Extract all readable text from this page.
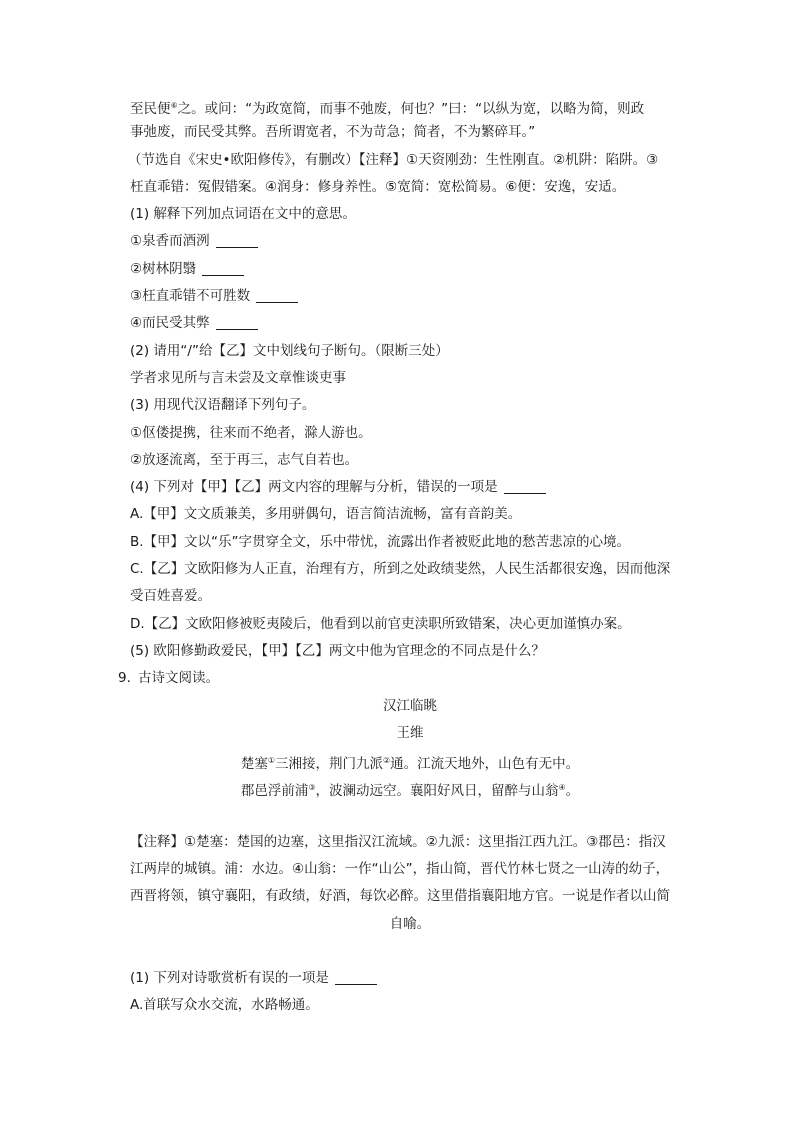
至民便⑥之。或问：“为政宽简，而事不弛废，何也？”曰：“以纵为宽，以略为简，则政
事弛废，而民受其弊。吾所谓宽者，不为苛急；简者，不为繁碎耳。”
（节选自《宋史•欧阳修传》，有删改）【注释】①天资刚劲：生性刚直。②机阱：陷阱。③
枉直乖错：冤假错案。④润身：修身养性。⑤宽简：宽松简易。⑥便：安逸，安适。
(1) 解释下列加点词语在文中的意思。
①泉香而酒洌
②树林阴翳
③枉直乖错不可胜数
④而民受其弊
(2) 请用“/”给【乙】文中划线句子断句。（限断三处）
学者求见所与言未尝及文章惟谈吏事
(3) 用现代汉语翻译下列句子。
①伛偻提携，往来而不绝者，滁人游也。
②放逐流离，至于再三，志气自若也。
(4) 下列对【甲】【乙】两文内容的理解与分析，错误的一项是
A.【甲】文文质兼美，多用骈偶句，语言简洁流畅，富有音韵美。
B.【甲】文以“乐”字贯穿全文，乐中带忧，流露出作者被贬此地的愁苦悲凉的心境。
C.【乙】文欧阳修为人正直，治理有方，所到之处政绩斐然，人民生活都很安逸，因而他深
受百姓喜爱。
D.【乙】文欧阳修被贬夷陵后，他看到以前官吏渎职所致错案，决心更加谨慎办案。
(5) 欧阳修勤政爱民，【甲】【乙】两文中他为官理念的不同点是什么？
9. 古诗文阅读。
汉江临眺
王维
楚塞①三湘接，荆门九派②通。江流天地外，山色有无中。
郡邑浮前浦③，波澜动远空。襄阳好风日，留醉与山翁④。
【注释】①楚塞：楚国的边塞，这里指汉江流域。②九派：这里指江西九江。③郡邑：指汉
江两岸的城镇。浦：水边。④山翁：一作“山公”，指山简，晋代竹林七贤之一山涛的幼子，
西晋将领，镇守襄阳，有政绩，好酒，每饮必醉。这里借指襄阳地方官。一说是作者以山简
自喻。
(1) 下列对诗歌赏析有误的一项是
A.首联写众水交流，水路畅通。
